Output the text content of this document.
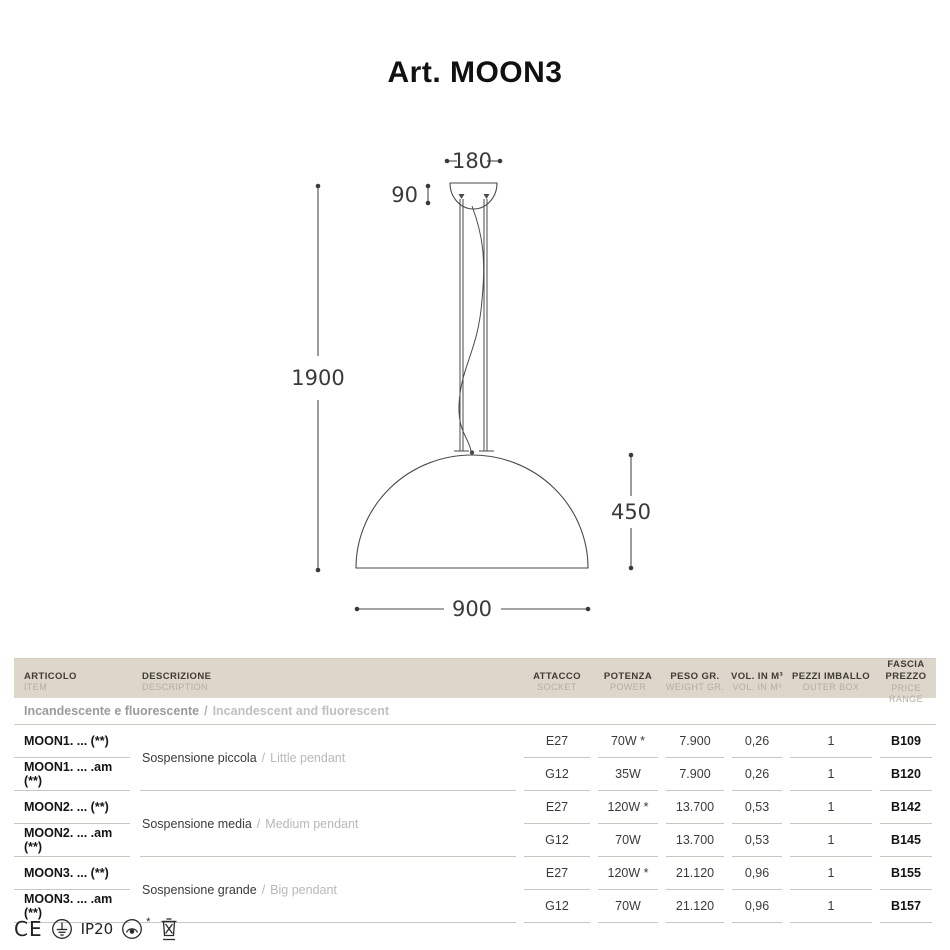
Art. MOON3
180
90
1900
450
900
ARTICOLO
ITEM
DESCRIZIONE
DESCRIPTION
ATTACCO
SOCKET
POTENZA
POWER
PESO GR.
WEIGHT GR.
VOL. IN M³
VOL. IN M³
PEZZI IMBALLO
OUTER BOX
FASCIA PREZZO
PRICE RANGE
Incandescente e fluorescente / Incandescent and fluorescent
MOON1. ... (**)
Sospensione piccola / Little pendant
E27	70W *	7.900	0,26	1	B109
MOON1. ... .am (**)	G12	35W	7.900	0,26	1	B120
MOON2. ... (**)
Sospensione media / Medium pendant
E27	120W *	13.700	0,53	1	B142
MOON2. ... .am (**)	G12	70W	13.700	0,53	1	B145
MOON3. ... (**)
Sospensione grande / Big pendant
E27	120W *	21.120	0,96	1	B155
MOON3. ... .am (**)	G12	70W	21.120	0,96	1	B157
CE	IP20	*
